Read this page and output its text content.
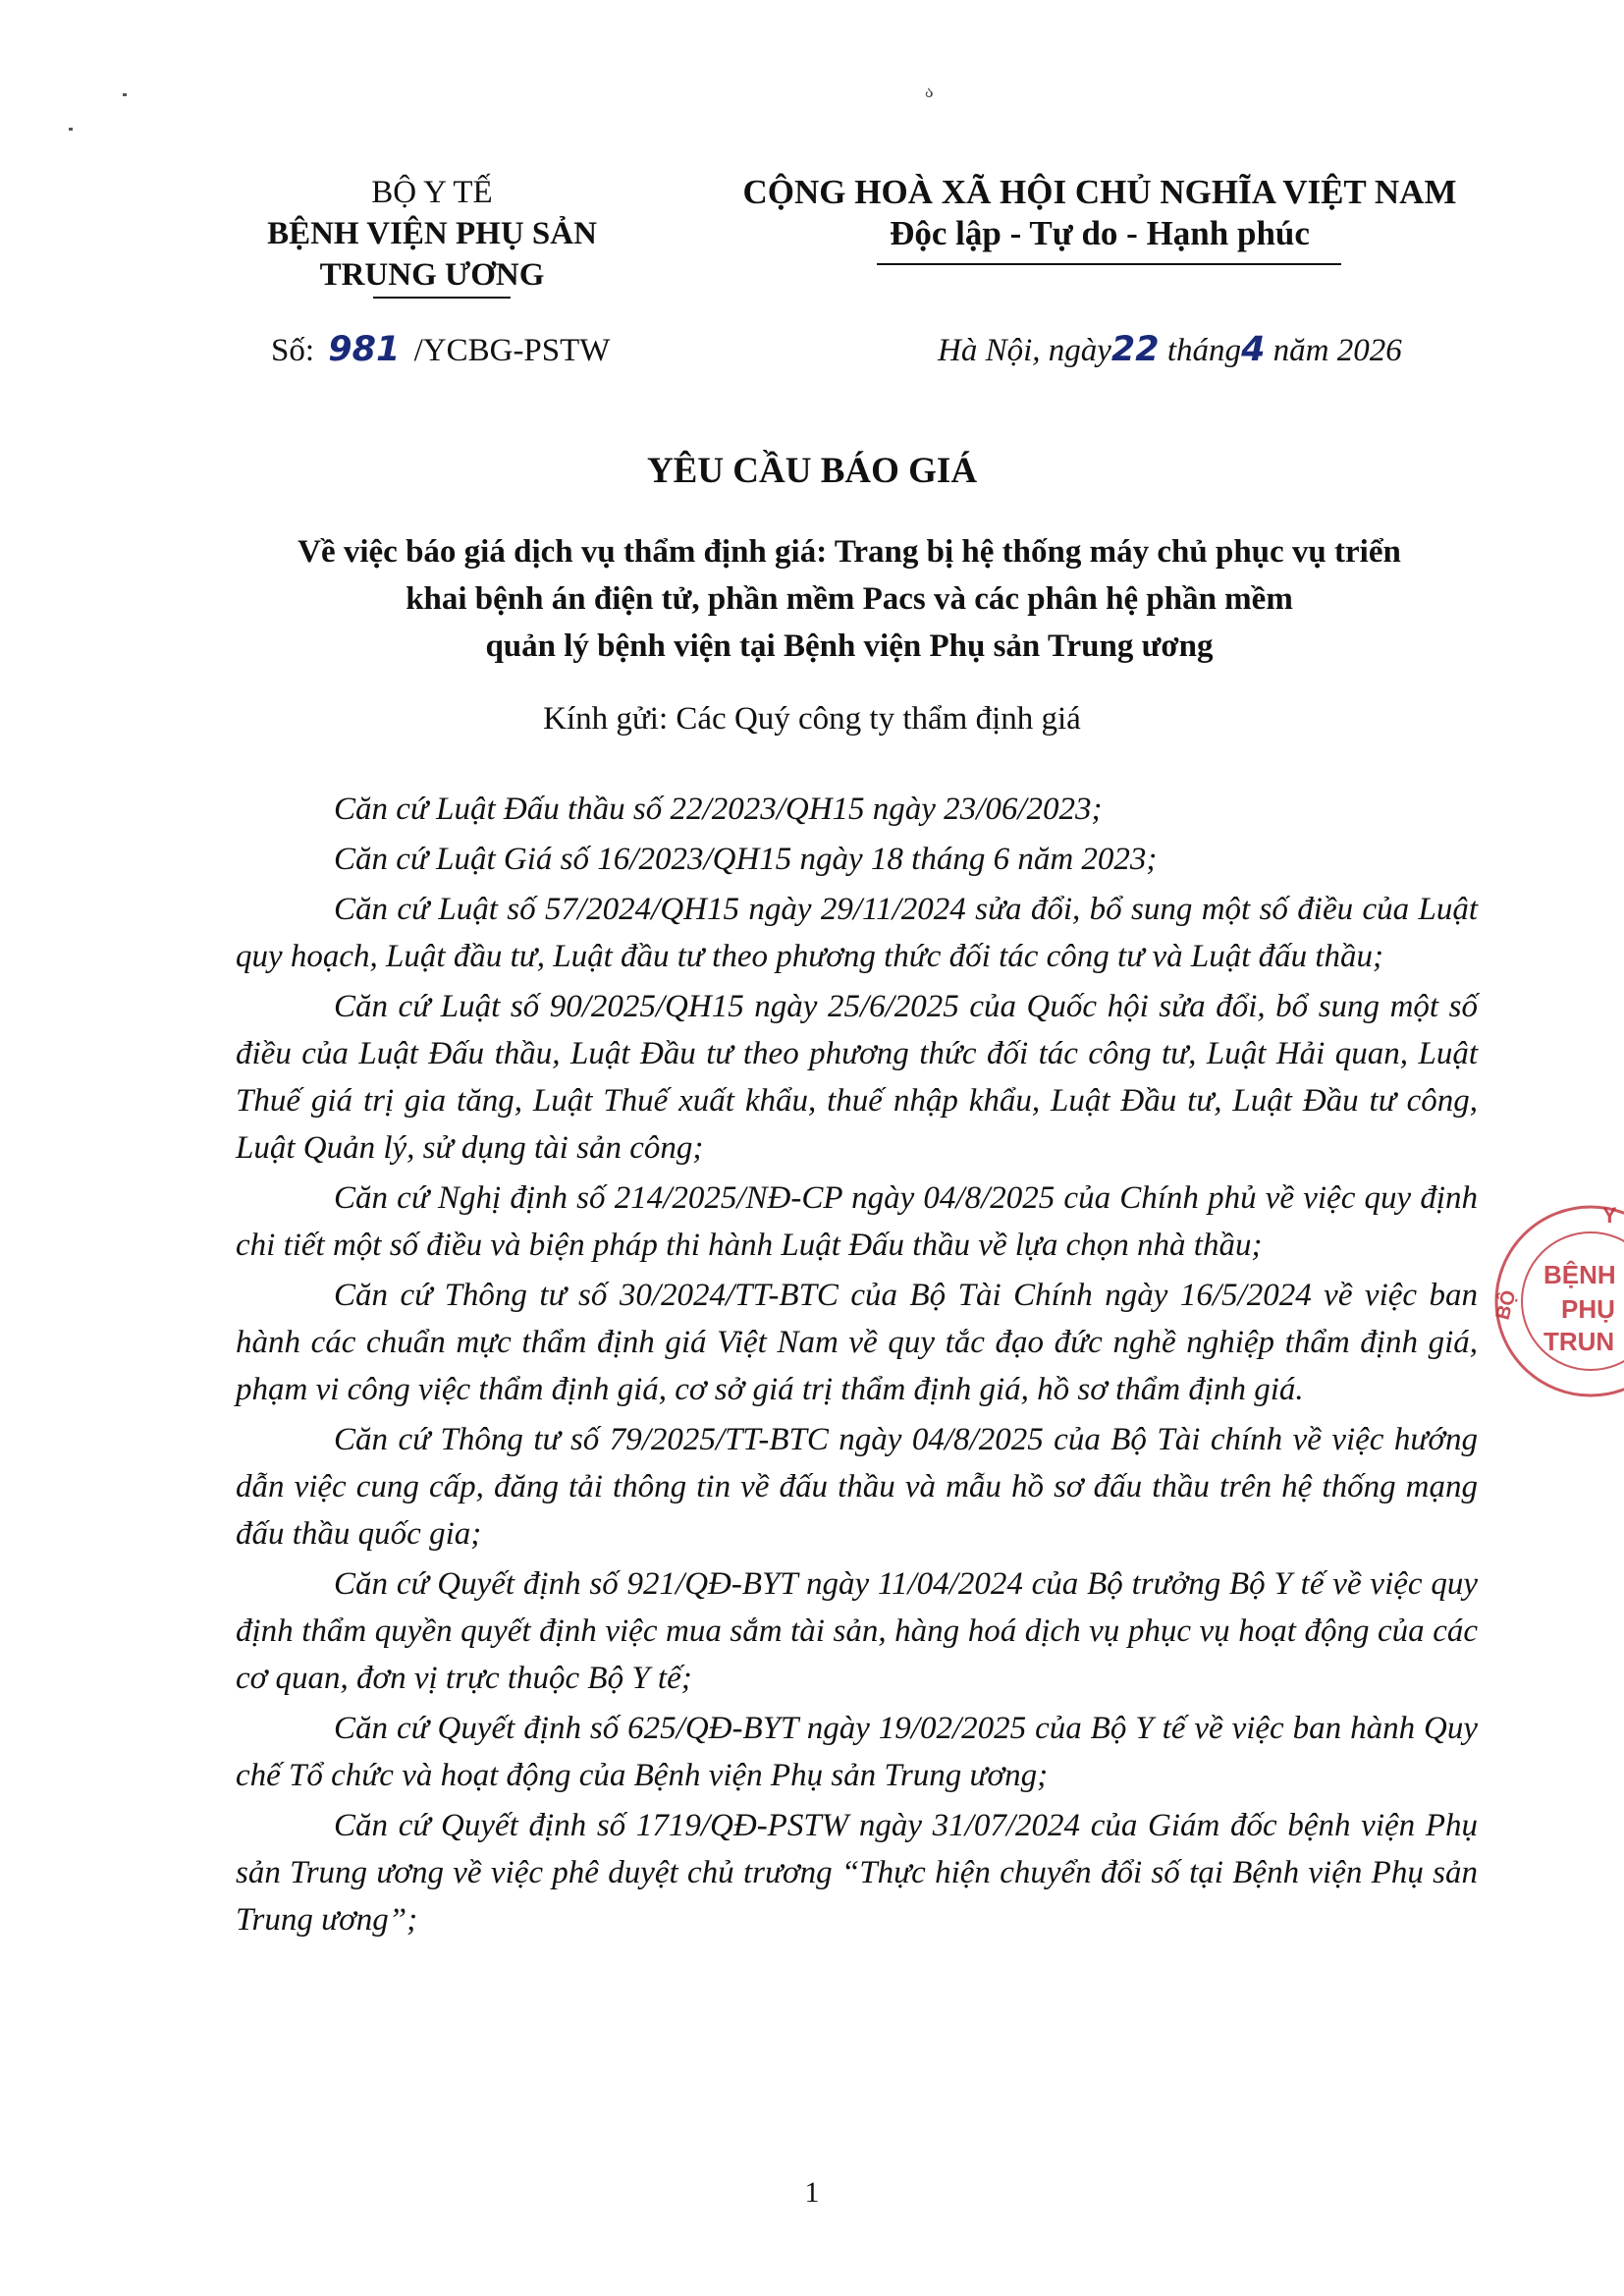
ა
BỘ Y TẾ
BỆNH VIỆN PHỤ SẢN
TRUNG ƯƠNG
CỘNG HOÀ XÃ HỘI CHỦ NGHĨA VIỆT NAM
Độc lập - Tự do - Hạnh phúc
Số: 981 /YCBG-PSTW	Hà Nội, ngày22 tháng4 năm 2026
YÊU CẦU BÁO GIÁ
Về việc báo giá dịch vụ thẩm định giá: Trang bị hệ thống máy chủ phục vụ triển
khai bệnh án điện tử, phần mềm Pacs và các phân hệ phần mềm
quản lý bệnh viện tại Bệnh viện Phụ sản Trung ương
Kính gửi: Các Quý công ty thẩm định giá

Căn cứ Luật Đấu thầu số 22/2023/QH15 ngày 23/06/2023;

Căn cứ Luật Giá số 16/2023/QH15 ngày 18 tháng 6 năm 2023;

Căn cứ Luật số 57/2024/QH15 ngày 29/11/2024 sửa đổi, bổ sung một số điều của Luật quy hoạch, Luật đầu tư, Luật đầu tư theo phương thức đối tác công tư và Luật đấu thầu;

Căn cứ Luật số 90/2025/QH15 ngày 25/6/2025 của Quốc hội sửa đổi, bổ sung một số điều của Luật Đấu thầu, Luật Đầu tư theo phương thức đối tác công tư, Luật Hải quan, Luật Thuế giá trị gia tăng, Luật Thuế xuất khẩu, thuế nhập khẩu, Luật Đầu tư, Luật Đầu tư công, Luật Quản lý, sử dụng tài sản công;

Căn cứ Nghị định số 214/2025/NĐ-CP ngày 04/8/2025 của Chính phủ về việc quy định chi tiết một số điều và biện pháp thi hành Luật Đấu thầu về lựa chọn nhà thầu;

Căn cứ Thông tư số 30/2024/TT-BTC của Bộ Tài Chính ngày 16/5/2024 về việc ban hành các chuẩn mực thẩm định giá Việt Nam về quy tắc đạo đức nghề nghiệp thẩm định giá, phạm vi công việc thẩm định giá, cơ sở giá trị thẩm định giá, hồ sơ thẩm định giá.

Căn cứ Thông tư số 79/2025/TT-BTC ngày 04/8/2025 của Bộ Tài chính về việc hướng dẫn việc cung cấp, đăng tải thông tin về đấu thầu và mẫu hồ sơ đấu thầu trên hệ thống mạng đấu thầu quốc gia;

Căn cứ Quyết định số 921/QĐ-BYT ngày 11/04/2024 của Bộ trưởng Bộ Y tế về việc quy định thẩm quyền quyết định việc mua sắm tài sản, hàng hoá dịch vụ phục vụ hoạt động của các cơ quan, đơn vị trực thuộc Bộ Y tế;

Căn cứ Quyết định số 625/QĐ-BYT ngày 19/02/2025 của Bộ Y tế về việc ban hành Quy chế Tổ chức và hoạt động của Bệnh viện Phụ sản Trung ương;

Căn cứ Quyết định số 1719/QĐ-PSTW ngày 31/07/2024 của Giám đốc bệnh viện Phụ sản Trung ương về việc phê duyệt chủ trương “Thực hiện chuyển đổi số tại Bệnh viện Phụ sản Trung ương”;

Y
BỆNH
PHỤ
TRUN
BỘ
1
